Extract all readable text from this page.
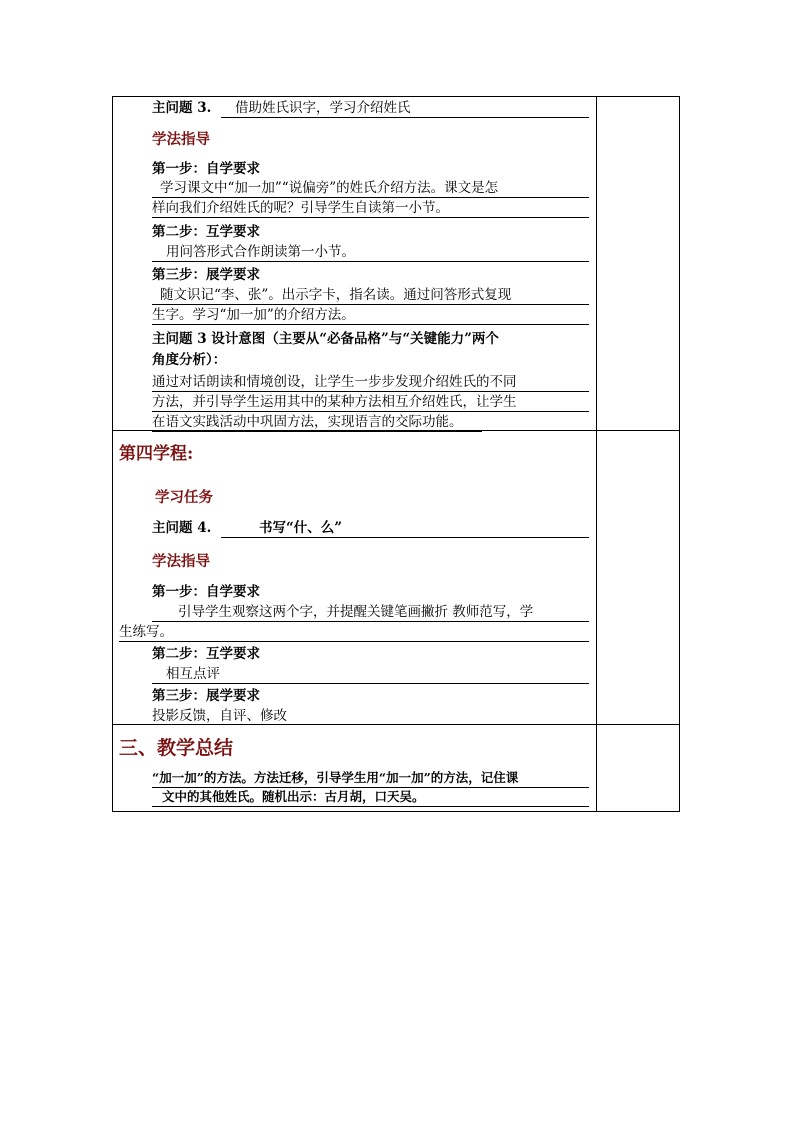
主问题 3.	借助姓氏识字，学习介绍姓氏
学法指导
第一步：自学要求
学习课文中“加一加”“说偏旁”的姓氏介绍方法。课文是怎
样向我们介绍姓氏的呢？引导学生自读第一小节。
第二步：互学要求
用问答形式合作朗读第一小节。
第三步：展学要求
随文识记“李、张”。出示字卡，指名读。通过问答形式复现
生字。学习“加一加”的介绍方法。
主问题 3 设计意图（主要从“必备品格”与“关键能力”两个
角度分析）：
通过对话朗读和情境创设，让学生一步步发现介绍姓氏的不同
方法，并引导学生运用其中的某种方法相互介绍姓氏，让学生
在语文实践活动中巩固方法，实现语言的交际功能。
第四学程:
学习任务
主问题 4.	书写“什、么”
学法指导
第一步：自学要求
引导学生观察这两个字，并提醒关键笔画撇折 教师范写，学
生练写。
第二步：互学要求
相互点评
第三步：展学要求
投影反馈，自评、修改
三、教学总结
“加一加”的方法。方法迁移，引导学生用“加一加”的方法，记住课
文中的其他姓氏。随机出示：古月胡，口天吴。
